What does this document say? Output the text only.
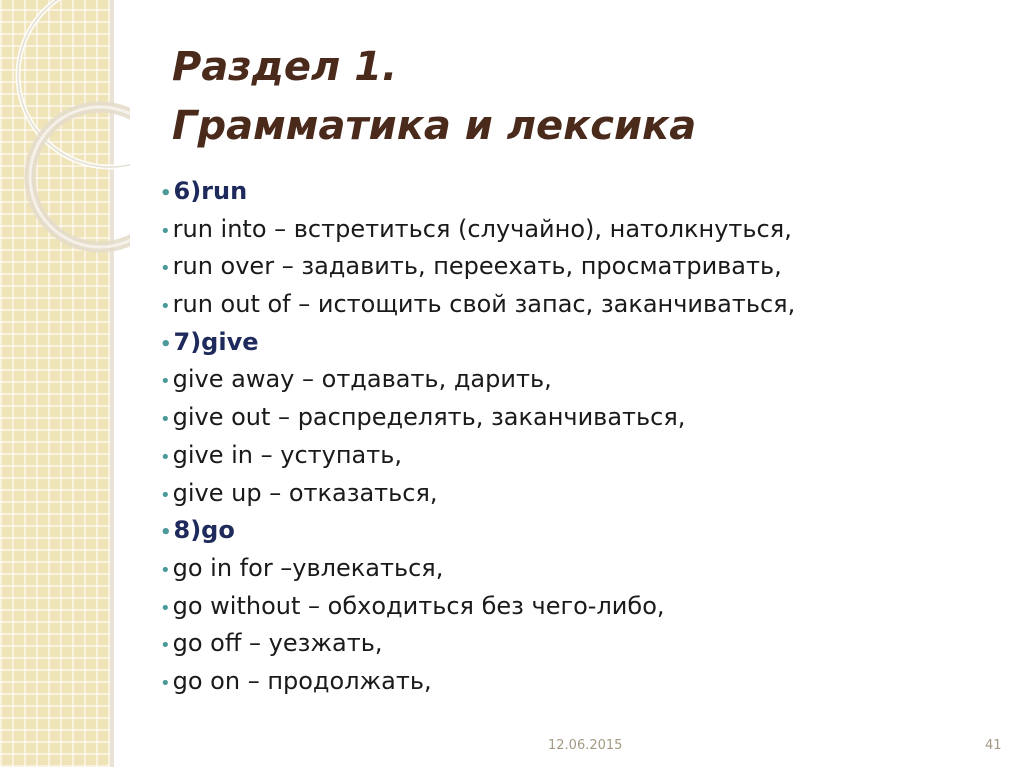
Раздел 1.
Грамматика и лексика
•6)run
•run into – встретиться (случайно), натолкнуться,
•run over – задавить, переехать, просматривать,
•run out of – истощить свой запас, заканчиваться,
•7)give
•give away – отдавать, дарить,
•give out – распределять, заканчиваться,
•give in – уступать,
•give up – отказаться,
•8)go
•go in for –увлекаться,
•go without – обходиться без чего-либо,
•go off – уезжать,
•go on – продолжать,
12.06.2015	41
